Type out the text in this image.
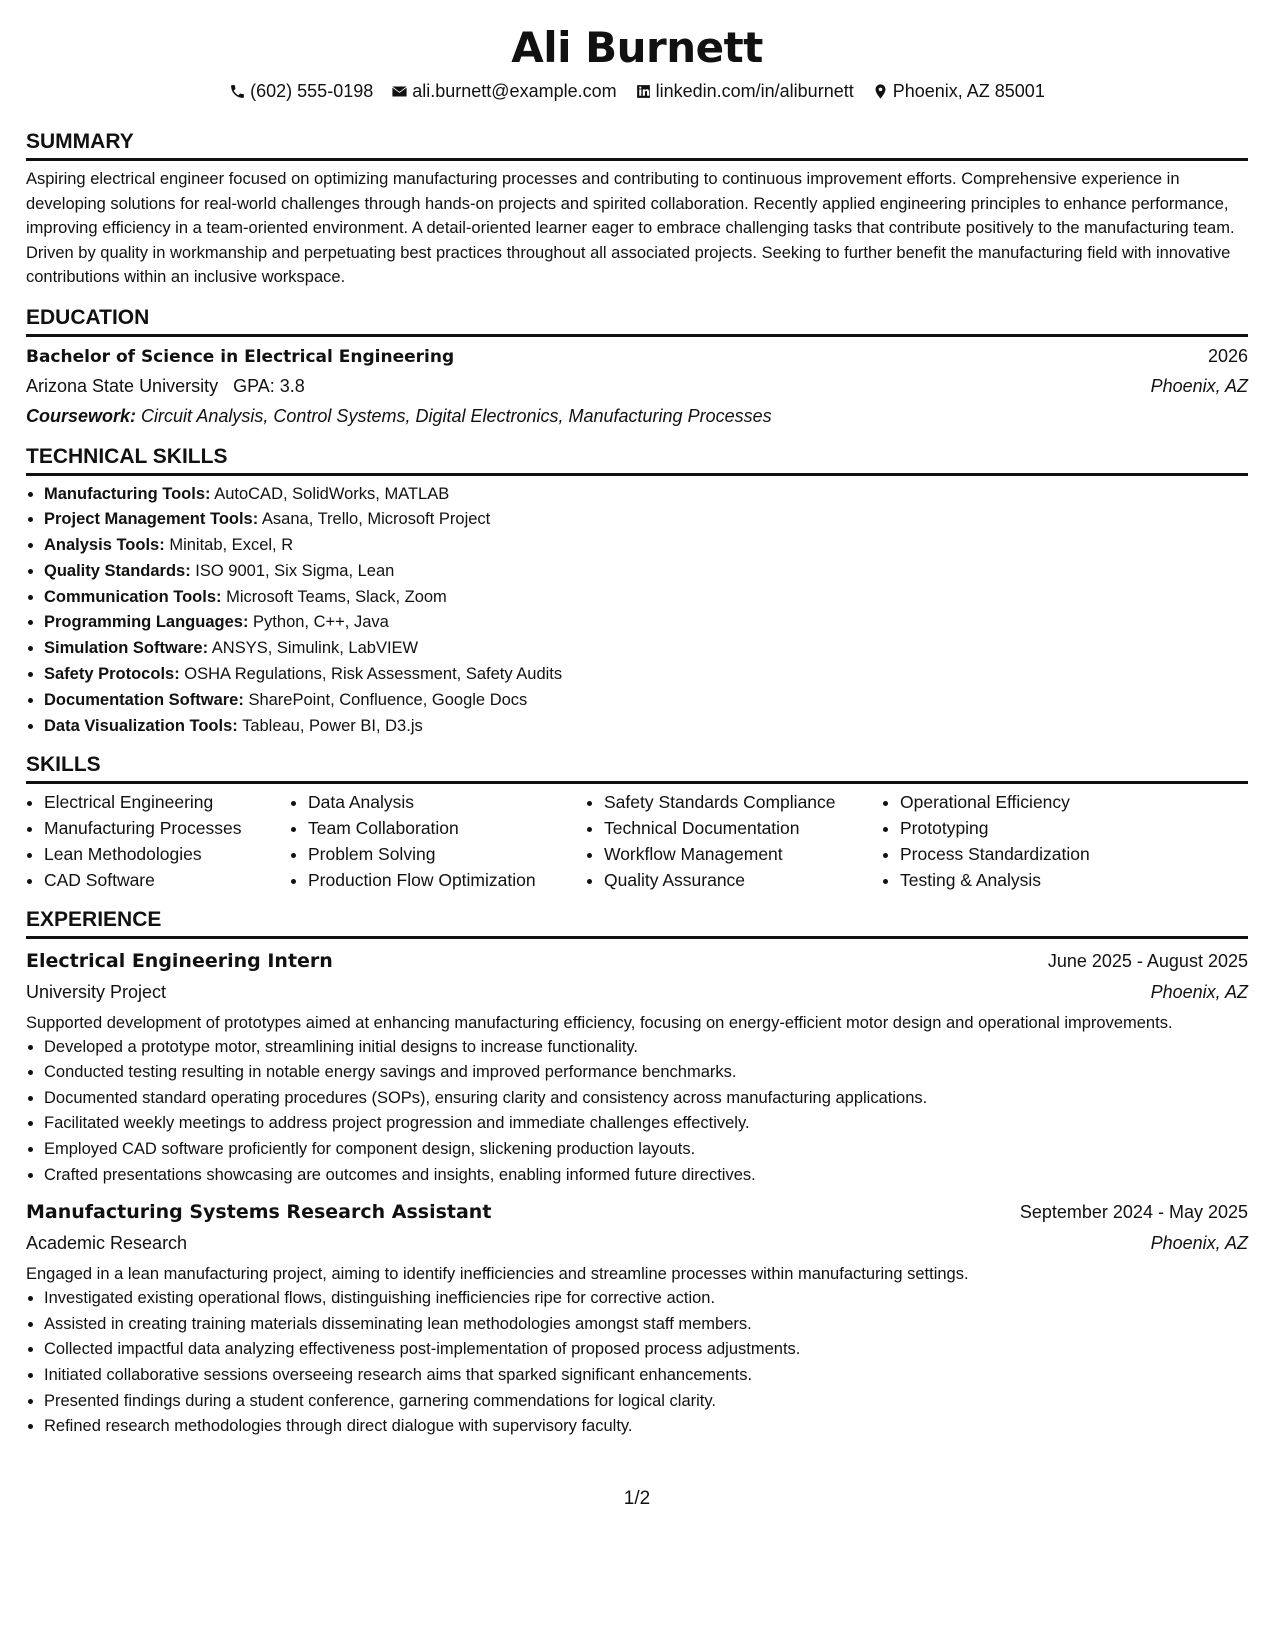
Ali Burnett
(602) 555-0198 ali.burnett@example.com linkedin.com/in/aliburnett Phoenix, AZ 85001
SUMMARY

Aspiring electrical engineer focused on optimizing manufacturing processes and contributing to continuous improvement efforts. Comprehensive experience in developing solutions for real-world challenges through hands-on projects and spirited collaboration. Recently applied engineering principles to enhance performance, improving efficiency in a team-oriented environment. A detail-oriented learner eager to embrace challenging tasks that contribute positively to the manufacturing team. Driven by quality in workmanship and perpetuating best practices throughout all associated projects. Seeking to further benefit the manufacturing field with innovative contributions within an inclusive workspace.

EDUCATION
Bachelor of Science in Electrical Engineering	2026
Arizona State University GPA: 3.8	Phoenix, AZ
Coursework: Circuit Analysis, Control Systems, Digital Electronics, Manufacturing Processes
TECHNICAL SKILLS
• Manufacturing Tools: AutoCAD, SolidWorks, MATLAB
• Project Management Tools: Asana, Trello, Microsoft Project
• Analysis Tools: Minitab, Excel, R
• Quality Standards: ISO 9001, Six Sigma, Lean
• Communication Tools: Microsoft Teams, Slack, Zoom
• Programming Languages: Python, C++, Java
• Simulation Software: ANSYS, Simulink, LabVIEW
• Safety Protocols: OSHA Regulations, Risk Assessment, Safety Audits
• Documentation Software: SharePoint, Confluence, Google Docs
• Data Visualization Tools: Tableau, Power BI, D3.js
SKILLS
• Electrical Engineering
• Manufacturing Processes
• Lean Methodologies
• CAD Software
• Data Analysis
• Team Collaboration
• Problem Solving
• Production Flow Optimization
• Safety Standards Compliance
• Technical Documentation
• Workflow Management
• Quality Assurance
• Operational Efficiency
• Prototyping
• Process Standardization
• Testing & Analysis
EXPERIENCE
Electrical Engineering Intern	June 2025 - August 2025
University Project	Phoenix, AZ

Supported development of prototypes aimed at enhancing manufacturing efficiency, focusing on energy-efficient motor design and operational improvements.

• Developed a prototype motor, streamlining initial designs to increase functionality.
• Conducted testing resulting in notable energy savings and improved performance benchmarks.
• Documented standard operating procedures (SOPs), ensuring clarity and consistency across manufacturing applications.
• Facilitated weekly meetings to address project progression and immediate challenges effectively.
• Employed CAD software proficiently for component design, slickening production layouts.
• Crafted presentations showcasing are outcomes and insights, enabling informed future directives.
Manufacturing Systems Research Assistant	September 2024 - May 2025
Academic Research	Phoenix, AZ

Engaged in a lean manufacturing project, aiming to identify inefficiencies and streamline processes within manufacturing settings.

• Investigated existing operational flows, distinguishing inefficiencies ripe for corrective action.
• Assisted in creating training materials disseminating lean methodologies amongst staff members.
• Collected impactful data analyzing effectiveness post-implementation of proposed process adjustments.
• Initiated collaborative sessions overseeing research aims that sparked significant enhancements.
• Presented findings during a student conference, garnering commendations for logical clarity.
• Refined research methodologies through direct dialogue with supervisory faculty.
1/2
